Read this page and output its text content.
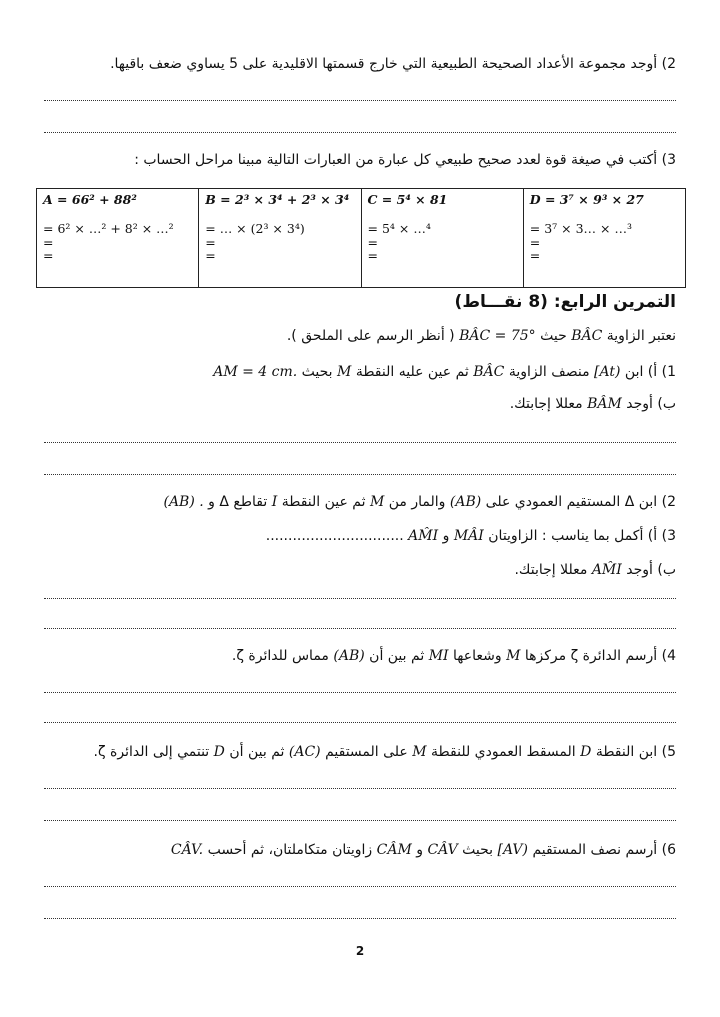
2) أوجد مجموعة الأعداد الصحيحة الطبيعية التي خارج قسمتها الاقليدية على 5 يساوي ضعف باقيها.
3) أكتب في صيغة قوة لعدد صحيح طبيعي كل عبارة من العبارات التالية مبينا مراحل الحساب :
A = 66² + 88²
= 6² × …² + 8² × …²
=
=

B = 2³ × 3⁴ + 2³ × 3⁴
= … × (2³ × 3⁴)
=
=

C = 5⁴ × 81
= 5⁴ × …⁴
=
=

D = 3⁷ × 9³ × 27
= 3⁷ × 3… × …³
=
=
التمرين الرابع: (8 نقـــاط)
نعتبر الزاوية BÂC حيث BÂC = 75° ( أنظر الرسم على الملحق ).
1) أ) ابن [At) منصف الزاوية BÂC ثم عين عليه النقطة M بحيث AM = 4 cm.
ب) أوجد BÂM معللا إجابتك.
2) ابن Δ المستقيم العمودي على (AB) والمار من M ثم عين النقطة I تقاطع Δ و (AB) .
3) أ) أكمل بما يناسب : الزاويتان MÂI و AM̂I ...............................
ب) أوجد AM̂I معللا إجابتك.
4) أرسم الدائرة ζ مركزها M وشعاعها MI ثم بين أن (AB) مماس للدائرة ζ.
5) ابن النقطة D المسقط العمودي للنقطة M على المستقيم (AC) ثم بين أن D تنتمي إلى الدائرة ζ.
6) أرسم نصف المستقيم [AV) بحيث CÂV و CÂM زاويتان متكاملتان، ثم أحسب CÂV.
2
